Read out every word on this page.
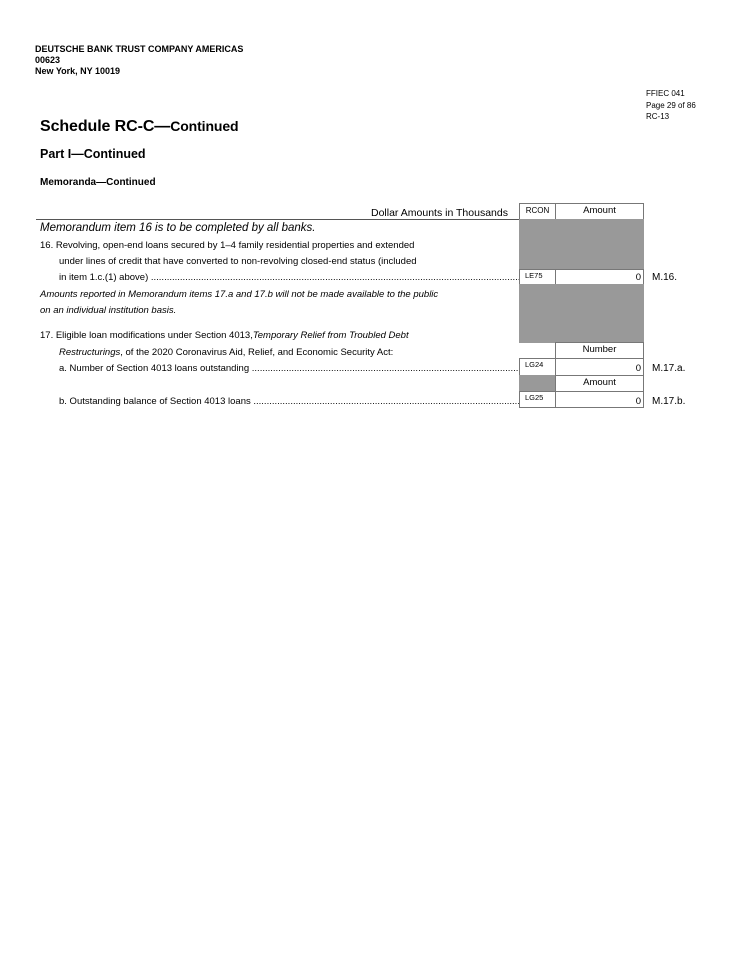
DEUTSCHE BANK TRUST COMPANY AMERICAS
00623
New York, NY 10019
FFIEC 041
Page 29 of 86
RC-13
Schedule RC-C—Continued
Part I—Continued
Memoranda—Continued
Dollar Amounts in Thousands	RCON	Amount
Memorandum item 16 is to be completed by all banks.
16. Revolving, open-end loans secured by 1–4 family residential properties and extended
under lines of credit that have converted to non-revolving closed-end status (included
in item 1.c.(1) above) .....	LE75	0	M.16.
Amounts reported in Memorandum items 17.a and 17.b will not be made available to the public
on an individual institution basis.
17. Eligible loan modifications under Section 4013,Temporary Relief from Troubled Debt
Restructurings, of the 2020 Coronavirus Aid, Relief, and Economic Security Act:	Number
a. Number of Section 4013 loans outstanding .....	LG24	0	M.17.a.
Amount
b. Outstanding balance of Section 4013 loans .....	LG25	0	M.17.b.
